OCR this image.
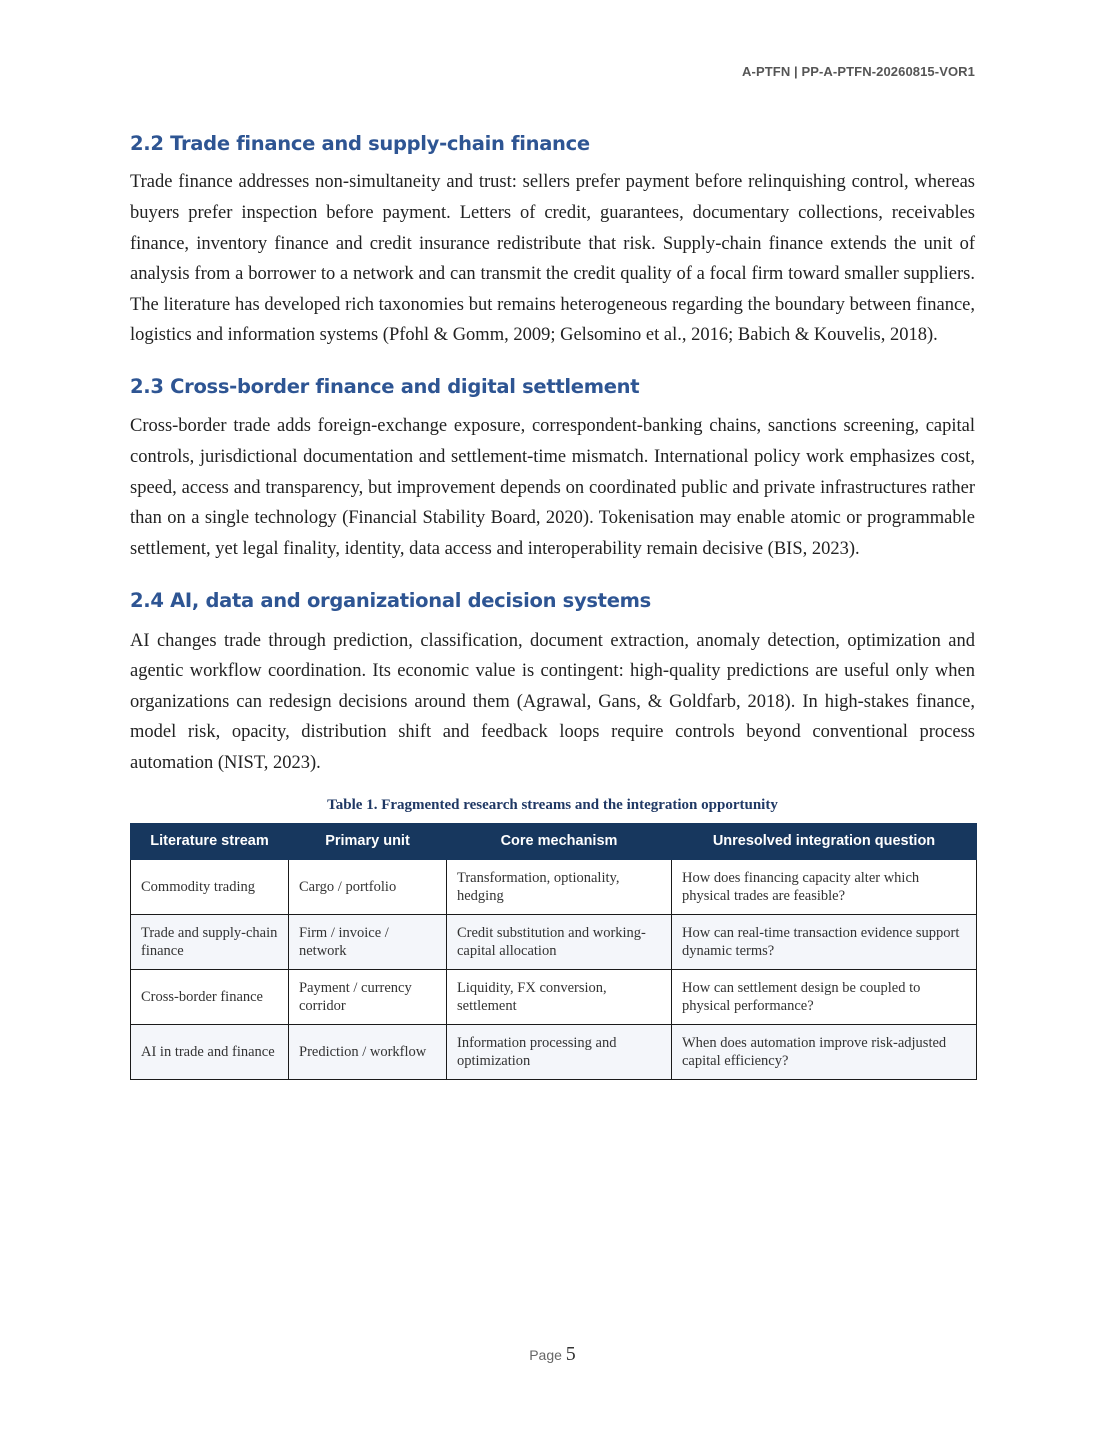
A-PTFN | PP-A-PTFN-20260815-VOR1
2.2 Trade finance and supply-chain finance

Trade finance addresses non-simultaneity and trust: sellers prefer payment before relinquishing control, whereas buyers prefer inspection before payment. Letters of credit, guarantees, documentary collections, receivables finance, inventory finance and credit insurance redistribute that risk. Supply-chain finance extends the unit of analysis from a borrower to a network and can transmit the credit quality of a focal firm toward smaller suppliers. The literature has developed rich taxonomies but remains heterogeneous regarding the boundary between finance, logistics and information systems (Pfohl & Gomm, 2009; Gelsomino et al., 2016; Babich & Kouvelis, 2018).

2.3 Cross-border finance and digital settlement

Cross-border trade adds foreign-exchange exposure, correspondent-banking chains, sanctions screening, capital controls, jurisdictional documentation and settlement-time mismatch. International policy work emphasizes cost, speed, access and transparency, but improvement depends on coordinated public and private infrastructures rather than on a single technology (Financial Stability Board, 2020). Tokenisation may enable atomic or programmable settlement, yet legal finality, identity, data access and interoperability remain decisive (BIS, 2023).

2.4 AI, data and organizational decision systems

AI changes trade through prediction, classification, document extraction, anomaly detection, optimization and agentic workflow coordination. Its economic value is contingent: high-quality predictions are useful only when organizations can redesign decisions around them (Agrawal, Gans, & Goldfarb, 2018). In high-stakes finance, model risk, opacity, distribution shift and feedback loops require controls beyond conventional process automation (NIST, 2023).

Table 1. Fragmented research streams and the integration opportunity
Literature stream	Primary unit	Core mechanism	Unresolved integration question
Commodity trading	Cargo / portfolio	Transformation, optionality, hedging	How does financing capacity alter which physical trades are feasible?
Trade and supply-chain finance	Firm / invoice / network	Credit substitution and working-capital allocation	How can real-time transaction evidence support dynamic terms?
Cross-border finance	Payment / currency corridor	Liquidity, FX conversion, settlement	How can settlement design be coupled to physical performance?
AI in trade and finance	Prediction / workflow	Information processing and optimization	When does automation improve risk-adjusted capital efficiency?
Page 5
